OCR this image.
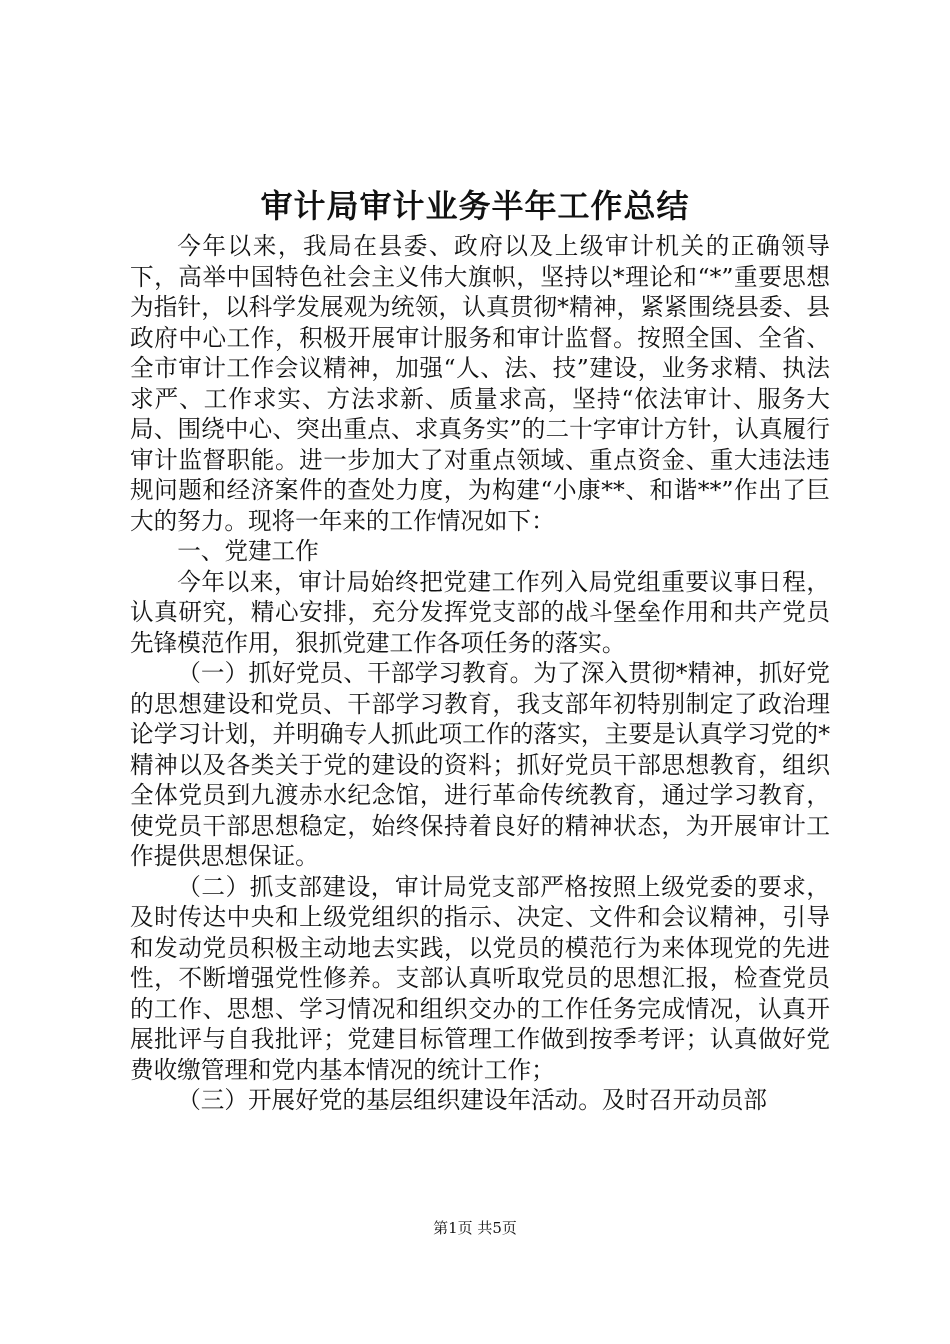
审计局审计业务半年工作总结

今年以来，我局在县委、政府以及上级审计机关的正确领导下，高举中国特色社会主义伟大旗帜，坚持以*理论和“*”重要思想为指针，以科学发展观为统领，认真贯彻*精神，紧紧围绕县委、县政府中心工作，积极开展审计服务和审计监督。按照全国、全省、全市审计工作会议精神，加强“人、法、技”建设，业务求精、执法求严、工作求实、方法求新、质量求高，坚持“依法审计、服务大局、围绕中心、突出重点、求真务实”的二十字审计方针，认真履行审计监督职能。进一步加大了对重点领域、重点资金、重大违法违规问题和经济案件的查处力度，为构建“小康**、和谐**”作出了巨大的努力。现将一年来的工作情况如下：

一、党建工作

今年以来，审计局始终把党建工作列入局党组重要议事日程，认真研究，精心安排，充分发挥党支部的战斗堡垒作用和共产党员先锋模范作用，狠抓党建工作各项任务的落实。

（一）抓好党员、干部学习教育。为了深入贯彻*精神，抓好党的思想建设和党员、干部学习教育，我支部年初特别制定了政治理论学习计划，并明确专人抓此项工作的落实，主要是认真学习党的*精神以及各类关于党的建设的资料；抓好党员干部思想教育，组织全体党员到九渡赤水纪念馆，进行革命传统教育，通过学习教育，使党员干部思想稳定，始终保持着良好的精神状态，为开展审计工作提供思想保证。

（二）抓支部建设，审计局党支部严格按照上级党委的要求，及时传达中央和上级党组织的指示、决定、文件和会议精神，引导和发动党员积极主动地去实践，以党员的模范行为来体现党的先进性，不断增强党性修养。支部认真听取党员的思想汇报，检查党员的工作、思想、学习情况和组织交办的工作任务完成情况，认真开展批评与自我批评；党建目标管理工作做到按季考评；认真做好党费收缴管理和党内基本情况的统计工作；

（三）开展好党的基层组织建设年活动。及时召开动员部

第1页 共5页
